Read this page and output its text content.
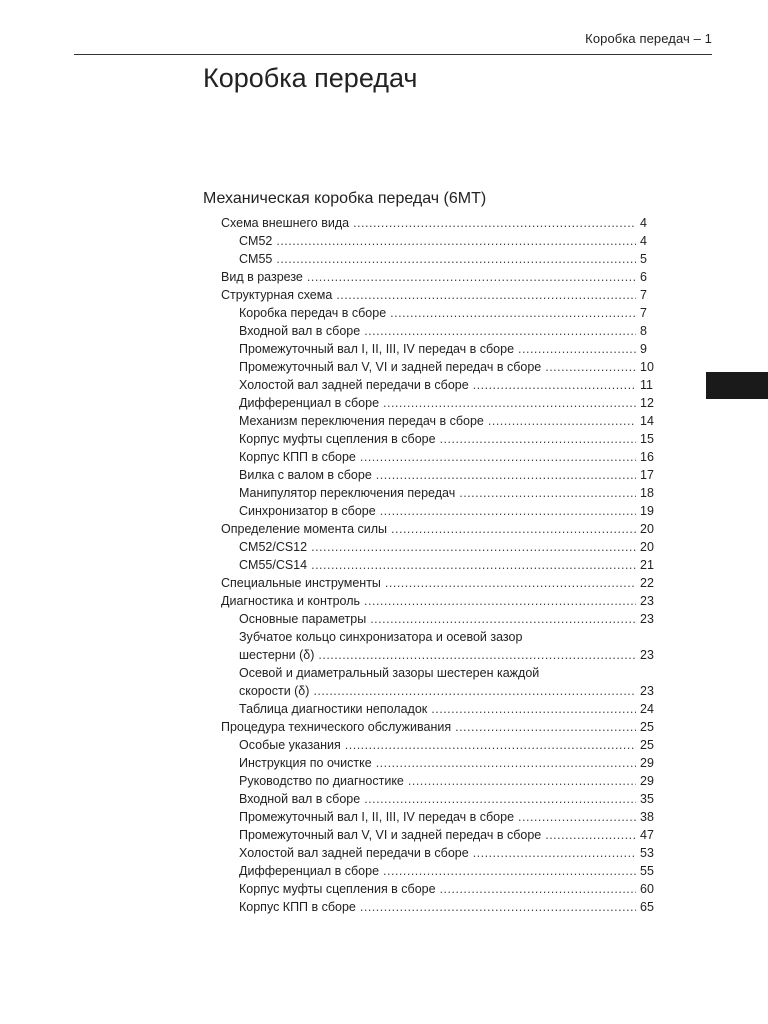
Коробка передач – 1
Коробка передач
Механическая коробка передач (6MT)
Схема внешнего вида .....	4
CM52 .....	4
CM55 .....	5
Вид в разрезе .....	6
Структурная схема .....	7
Коробка передач в сборе .....	7
Входной вал в сборе .....	8
Промежуточный вал I, II, III, IV передач в сборе .....	9
Промежуточный вал V, VI и задней передач в сборе .....	10
Холостой вал задней передачи в сборе .....	11
Дифференциал в сборе .....	12
Механизм переключения передач в сборе .....	14
Корпус муфты сцепления в сборе .....	15
Корпус КПП в сборе .....	16
Вилка с валом в сборе .....	17
Манипулятор переключения передач .....	18
Синхронизатор в сборе .....	19
Определение момента силы .....	20
CM52/CS12 .....	20
CM55/CS14 .....	21
Специальные инструменты .....	22
Диагностика и контроль .....	23
Основные параметры .....	23
Зубчатое кольцо синхронизатора и осевой зазор
шестерни (δ) .....	23
Осевой и диаметральный зазоры шестерен каждой
скорости (δ) .....	23
Таблица диагностики неполадок .....	24
Процедура технического обслуживания .....	25
Особые указания .....	25
Инструкция по очистке .....	29
Руководство по диагностике .....	29
Входной вал в сборе .....	35
Промежуточный вал I, II, III, IV передач в сборе .....	38
Промежуточный вал V, VI и задней передач в сборе .....	47
Холостой вал задней передачи в сборе .....	53
Дифференциал в сборе .....	55
Корпус муфты сцепления в сборе .....	60
Корпус КПП в сборе .....	65
